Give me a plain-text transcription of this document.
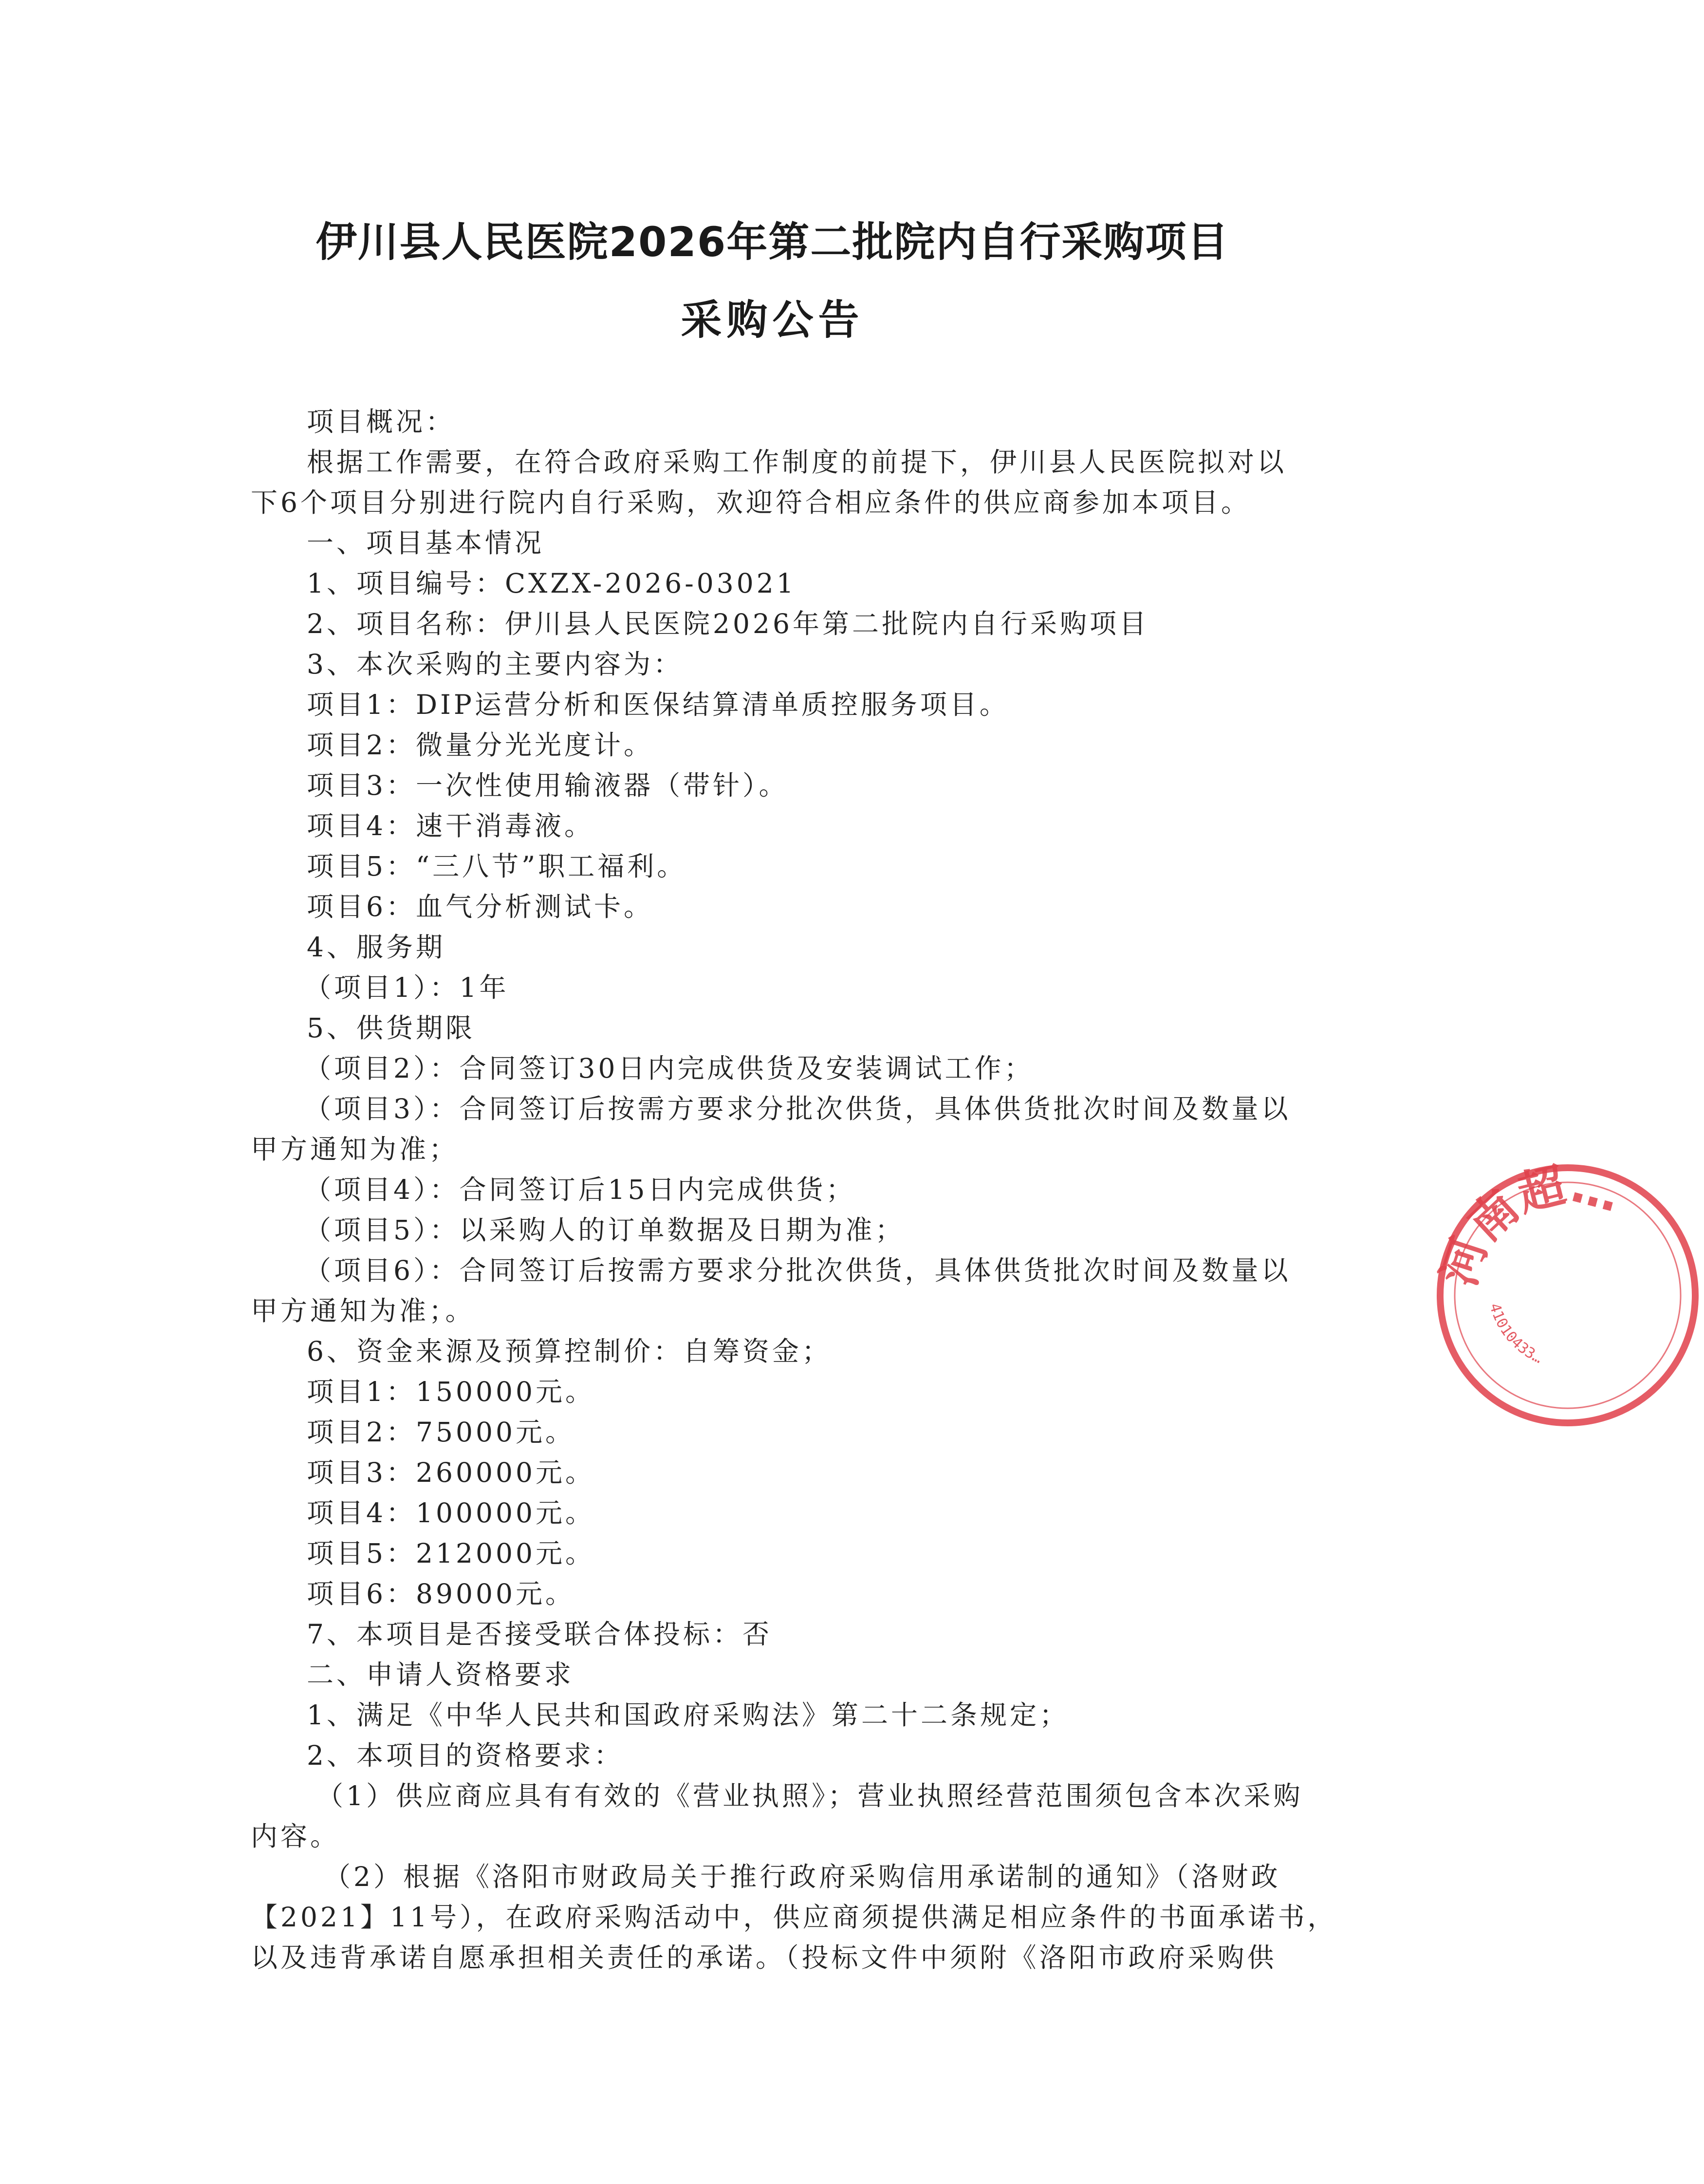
伊川县人民医院2026年第二批院内自行采购项目
采购公告
项目概况：
根据工作需要，在符合政府采购工作制度的前提下，伊川县人民医院拟对以
下6个项目分别进行院内自行采购，欢迎符合相应条件的供应商参加本项目。
一、项目基本情况
1、项目编号：CXZX-2026-03021
2、项目名称：伊川县人民医院2026年第二批院内自行采购项目
3、本次采购的主要内容为：
项目1：DIP运营分析和医保结算清单质控服务项目。
项目2：微量分光光度计。
项目3：一次性使用输液器（带针）。
项目4：速干消毒液。
项目5：“三八节”职工福利。
项目6：血气分析测试卡。
4、服务期
（项目1）：1年
5、供货期限
（项目2）：合同签订30日内完成供货及安装调试工作；
（项目3）：合同签订后按需方要求分批次供货，具体供货批次时间及数量以
甲方通知为准；
（项目4）：合同签订后15日内完成供货；
（项目5）：以采购人的订单数据及日期为准；
（项目6）：合同签订后按需方要求分批次供货，具体供货批次时间及数量以
甲方通知为准；。
6、资金来源及预算控制价：自筹资金；
项目1：150000元。
项目2：75000元。
项目3：260000元。
项目4：100000元。
项目5：212000元。
项目6：89000元。
7、本项目是否接受联合体投标：否
二、申请人资格要求
1、满足《中华人民共和国政府采购法》第二十二条规定；
2、本项目的资格要求：
（1）供应商应具有有效的《营业执照》；营业执照经营范围须包含本次采购
内容。
（2）根据《洛阳市财政局关于推行政府采购信用承诺制的通知》（洛财政
【2021】11号），在政府采购活动中，供应商须提供满足相应条件的书面承诺书，
以及违背承诺自愿承担相关责任的承诺。（投标文件中须附《洛阳市政府采购供
河南超…
41010433…
